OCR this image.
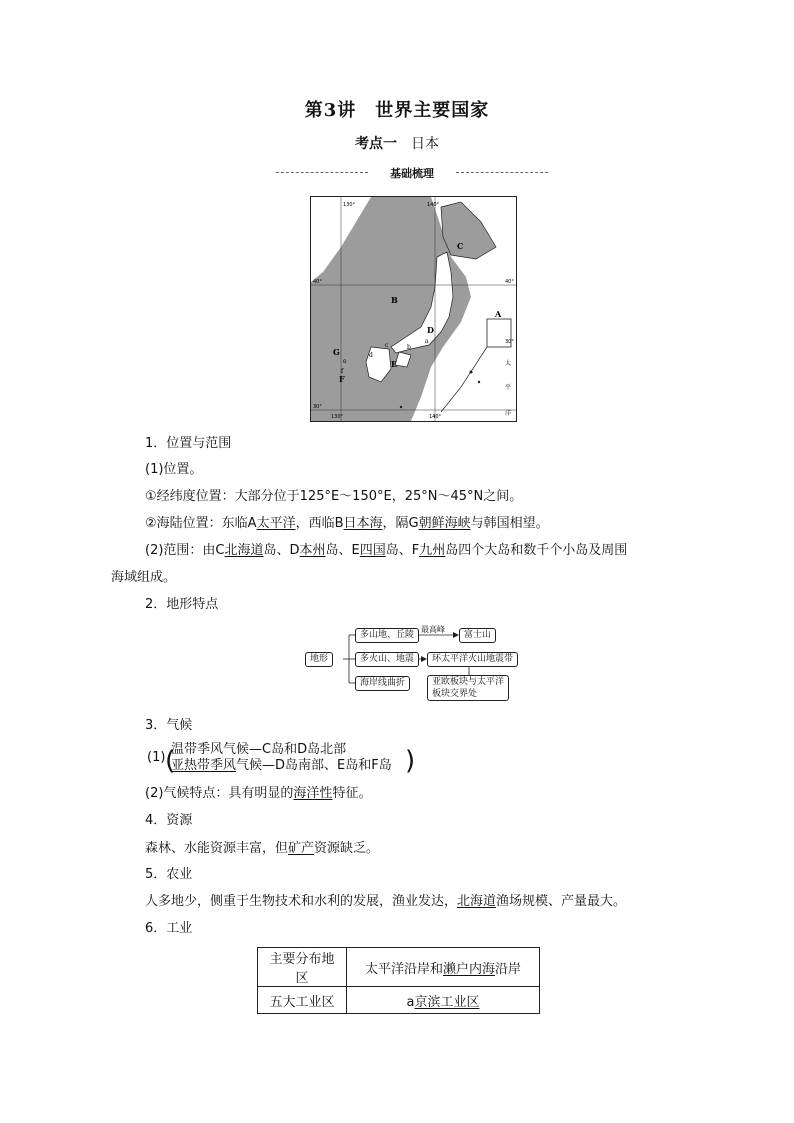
第3讲　世界主要国家
考点一 日本
基础梳理
B
C
D
A
E
F
G
a
b
c
d
e
f
130°	140°
40°	40°
30°
30°
130°	140°
太
平
洋
1．位置与范围
(1)位置。
①经纬度位置：大部分位于125°E～150°E，25°N～45°N之间。
②海陆位置：东临A太平洋，西临B日本海，隔G朝鲜海峡与韩国相望。
(2)范围：由C北海道岛、D本州岛、E四国岛、F九州岛四个大岛和数千个小岛及周围
海域组成。
2．地形特点
地形
多山地、丘陵
多火山、地震
海岸线曲折
最高峰
富士山
环太平洋火山地震带
亚欧板块与太平洋
板块交界处
3．气候
(1) (
温带季风气候—C岛和D岛北部
亚热带季风气候—D岛南部、E岛和F岛 )
(2)气候特点：具有明显的海洋性特征。
4．资源
森林、水能资源丰富，但矿产资源缺乏。
5．农业
人多地少，侧重于生物技术和水利的发展，渔业发达，北海道渔场规模、产量最大。
6．工业
主要分布地区	太平洋沿岸和濑户内海沿岸
五大工业区	a京滨工业区
